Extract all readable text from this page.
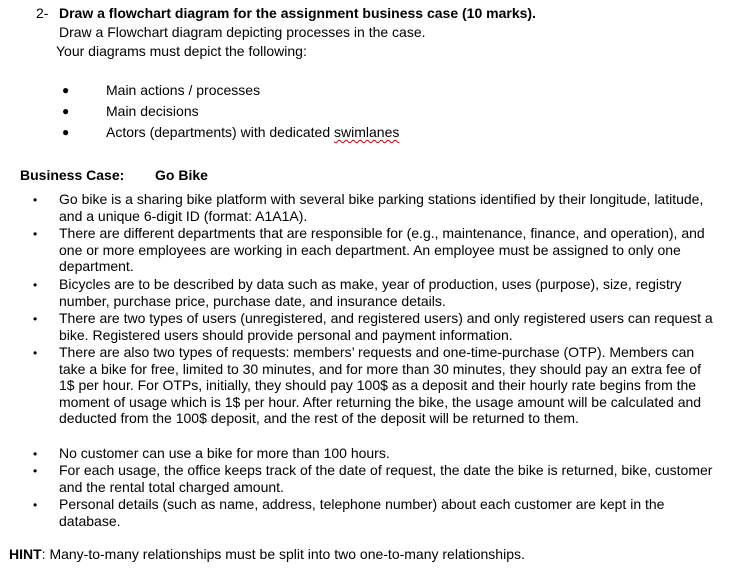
2- Draw a flowchart diagram for the assignment business case (10 marks).
Draw a Flowchart diagram depicting processes in the case.
Your diagrams must depict the following:
●	Main actions / processes
●	Main decisions
●	Actors (departments) with dedicated swimlanes
Business Case: Go Bike
• Go bike is a sharing bike platform with several bike parking stations identified by their longitude, latitude, and a unique 6-digit ID (format: A1A1A).
• There are different departments that are responsible for (e.g., maintenance, finance, and operation), and one or more employees are working in each department. An employee must be assigned to only one department.
• Bicycles are to be described by data such as make, year of production, uses (purpose), size, registry number, purchase price, purchase date, and insurance details.
• There are two types of users (unregistered, and registered users) and only registered users can request a bike. Registered users should provide personal and payment information.
• There are also two types of requests: members’ requests and one-time-purchase (OTP). Members can take a bike for free, limited to 30 minutes, and for more than 30 minutes, they should pay an extra fee of 1$ per hour. For OTPs, initially, they should pay 100$ as a deposit and their hourly rate begins from the moment of usage which is 1$ per hour. After returning the bike, the usage amount will be calculated and deducted from the 100$ deposit, and the rest of the deposit will be returned to them.
• No customer can use a bike for more than 100 hours.
• For each usage, the office keeps track of the date of request, the date the bike is returned, bike, customer and the rental total charged amount.
• Personal details (such as name, address, telephone number) about each customer are kept in the database.
HINT: Many-to-many relationships must be split into two one-to-many relationships.
